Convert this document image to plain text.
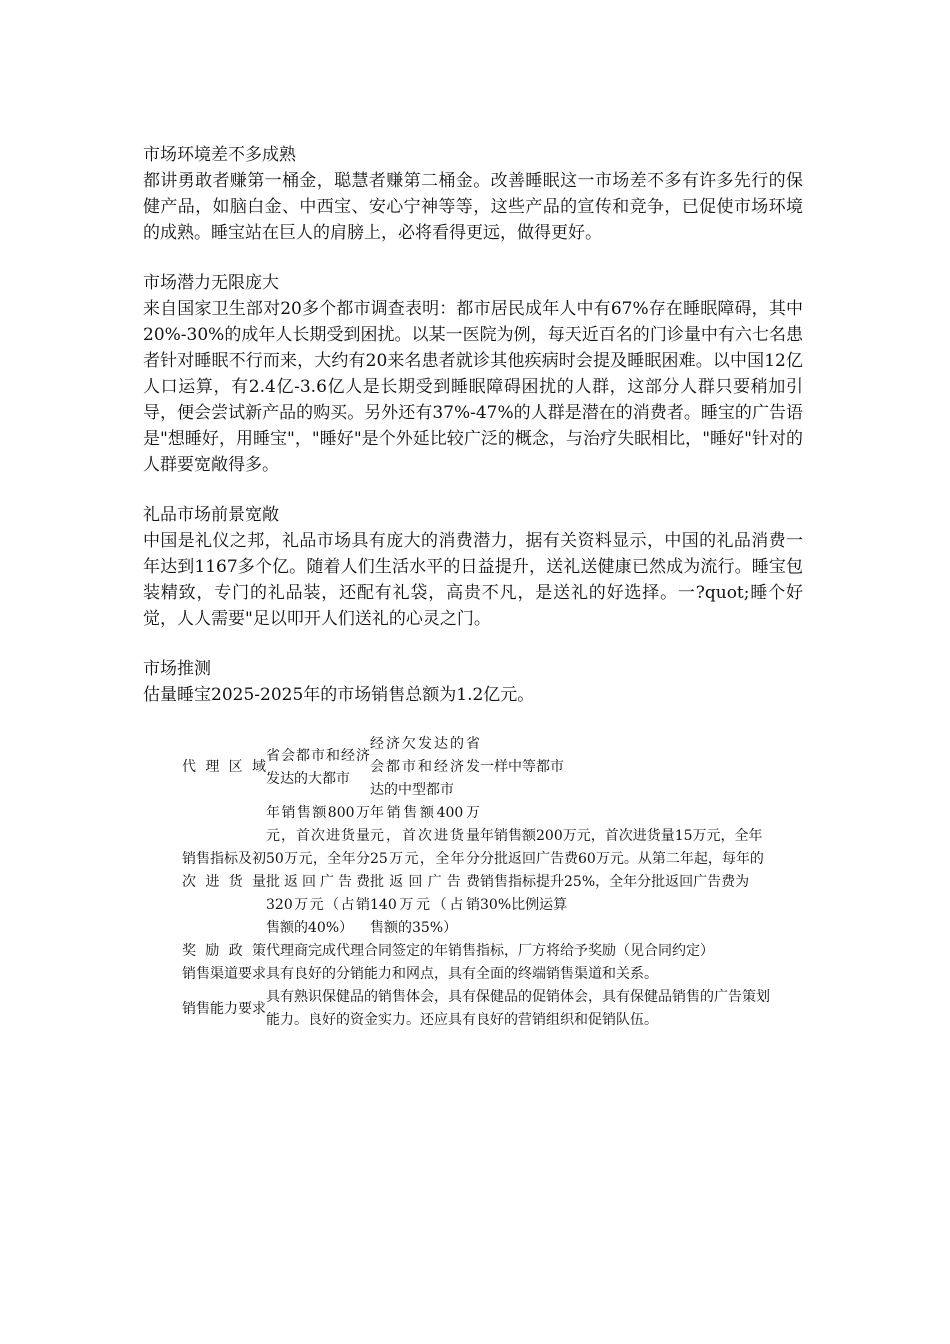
市场环境差不多成熟

都讲勇敢者赚第一桶金，聪慧者赚第二桶金。改善睡眠这一市场差不多有许多先行的保健产品，如脑白金、中西宝、安心宁神等等，这些产品的宣传和竞争，已促使市场环境的成熟。睡宝站在巨人的肩膀上，必将看得更远，做得更好。

市场潜力无限庞大

来自国家卫生部对20多个都市调查表明：都市居民成年人中有67%存在睡眠障碍，其中20%-30%的成年人长期受到困扰。以某一医院为例，每天近百名的门诊量中有六七名患者针对睡眠不行而来，大约有20来名患者就诊其他疾病时会提及睡眠困难。以中国12亿人口运算，有2.4亿-3.6亿人是长期受到睡眠障碍困扰的人群，这部分人群只要稍加引导，便会尝试新产品的购买。另外还有37%-47%的人群是潜在的消费者。睡宝的广告语是"想睡好，用睡宝"，"睡好"是个外延比较广泛的概念，与治疗失眠相比，"睡好"针对的人群要宽敞得多。

礼品市场前景宽敞

中国是礼仪之邦，礼品市场具有庞大的消费潜力，据有关资料显示，中国的礼品消费一年达到1167多个亿。随着人们生活水平的日益提升，送礼送健康已然成为流行。睡宝包装精致，专门的礼品装，还配有礼袋，高贵不凡，是送礼的好选择。一?quot;睡个好觉，人人需要"足以叩开人们送礼的心灵之门。

市场推测

估量睡宝2025-2025年的市场销售总额为1.2亿元。

代理区域	省会都市和经济发达的大都市	经济欠发达的省会都市和经济发达的中型都市	一样中等都市
销售指标及初次进货量	年销售额800万元，首次进货量50万元，全年分批返回广告费320万元（占销售额的40%）	年销售额400万元，首次进货量25万元，全年分批返回广告费140万元（占销售额的35%）	年销售额200万元，首次进货量15万元，全年分批返回广告费60万元。从第二年起，每年的销售指标提升25%，全年分批返回广告费为30%比例运算
奖励政策	代理商完成代理合同签定的年销售指标，厂方将给予奖励（见合同约定）		
销售渠道要求	具有良好的分销能力和网点，具有全面的终端销售渠道和关系。		
销售能力要求	具有熟识保健品的销售体会，具有保健品的促销体会，具有保健品销售的广告策划能力。良好的资金实力。还应具有良好的营销组织和促销队伍。		
